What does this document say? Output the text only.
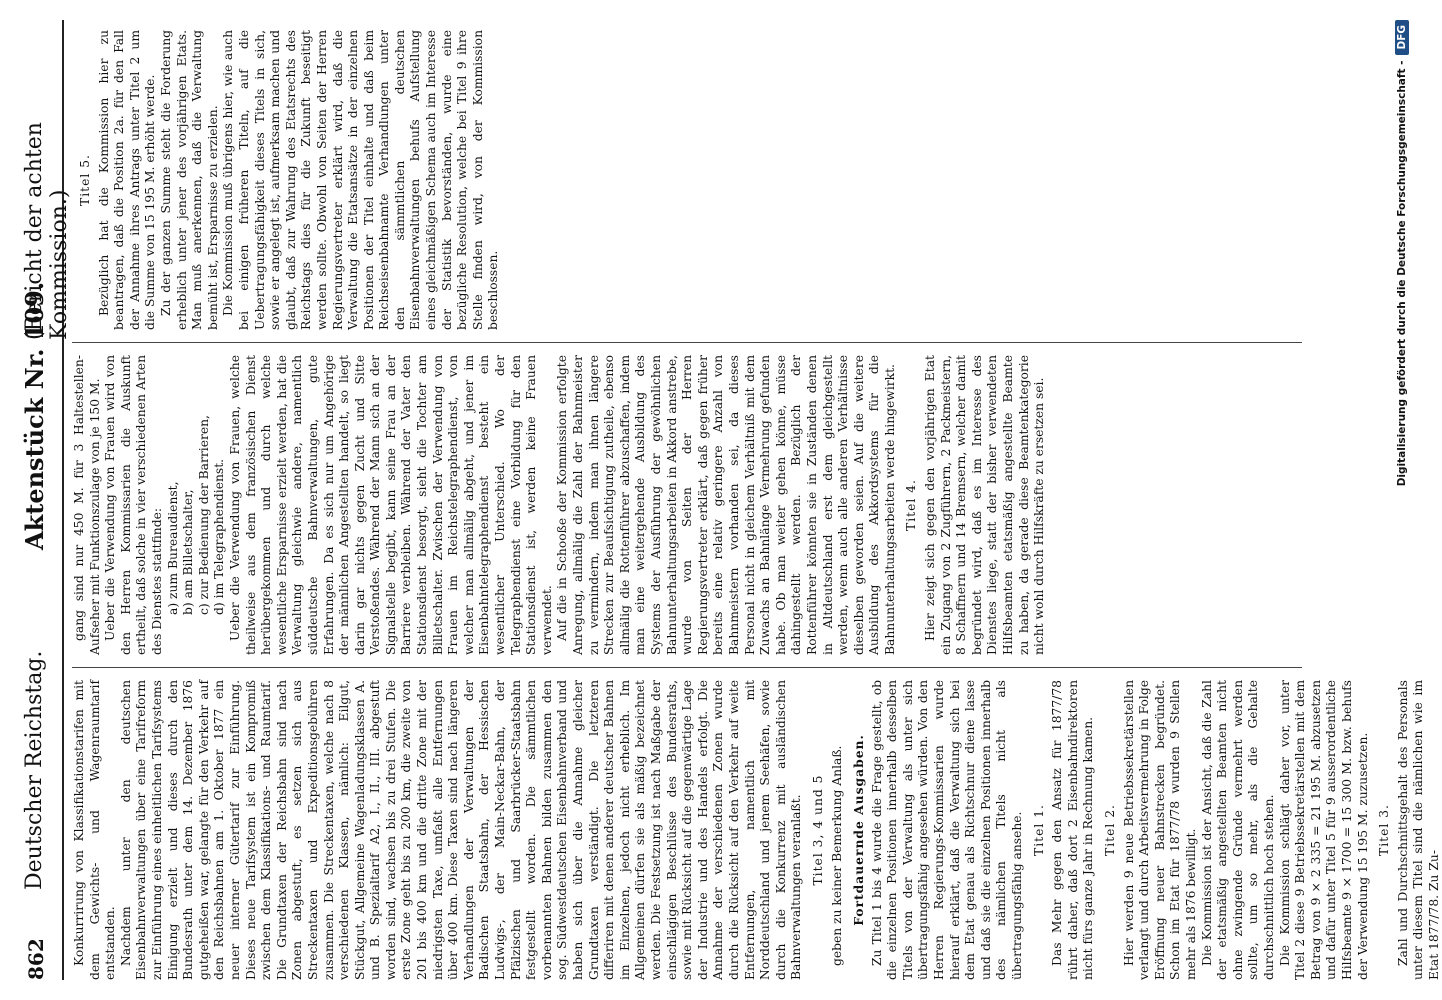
862
Deutscher Reichstag.
Aktenstück Nr. 109.
(Bericht der achten Kommission.)

Konkurrirung von Klassifikationstarifen mit dem Gewichts- und Wagenraumtarif entstanden. Nachdem unter den deutschen Eisenbahnverwaltungen über eine Tarifreform zur Einführung eines einheitlichen Tarifsystems Einigung erzielt und dieses durch den Bundesrath unter dem 14. Dezember 1876 gutgeheißen war, gelangte für den Verkehr auf den Reichsbahnen am 1. Oktober 1877 ein neuer interner Gütertarif zur Einführung. Dieses neue Tarifsystem ist ein Kompromiß zwischen dem Klassifikations- und Raumtarif. Die Grundtaxen der Reichsbahn sind nach Zonen abgestuft, es setzen sich aus Streckentaxen und Expeditionsgebühren zusammen. Die Streckentaxen, welche nach 8 verschiedenen Klassen, nämlich: Eilgut, Stückgut, Allgemeine Wagenladungsklassen A. und B. Spezialtarif A2, I., II., III. abgestuft worden sind, wachsen bis zu drei Stufen. Die erste Zone geht bis zu 200 km, die zweite von 201 bis 400 km und die dritte Zone mit der niedrigsten Taxe, umfaßt alle Entfernungen über 400 km. Diese Taxen sind nach längeren Verhandlungen der Verwaltungen der Badischen Staatsbahn, der Hessischen Ludwigs-, der Main-Neckar-Bahn, der Pfälzischen und Saarbrücker-Staatsbahn festgestellt worden. Die sämmtlichen vorbenannten Bahnen bilden zusammen den sog. Südwestdeutschen Eisenbahnverband und haben sich über die Annahme gleicher Grundtaxen verständigt. Die letzteren differiren mit denen anderer deutscher Bahnen im Einzelnen, jedoch nicht erheblich. Im Allgemeinen dürfen sie als mäßig bezeichnet werden. Die Festsetzung ist nach Maßgabe der einschlägigen Beschlüsse des Bundesraths, sowie mit Rücksicht auf die gegenwärtige Lage der Industrie und des Handels erfolgt. Die Annahme der verschiedenen Zonen wurde durch die Rücksicht auf den Verkehr auf weite Entfernungen, namentlich mit Norddeutschland und jenem Seehäfen, sowie durch die Konkurrenz mit ausländischen Bahnverwaltungen veranlaßt. Titel 3, 4 und 5 geben zu keiner Bemerkung Anlaß. Fortdauernde Ausgaben. Zu Titel 1 bis 4 wurde die Frage gestellt, ob die einzelnen Positionen innerhalb desselben Titels von der Verwaltung als unter sich übertragungsfähig angesehen würden. Von den Herren Regierungs-Kommissarien wurde hierauf erklärt, daß die Verwaltung sich bei dem Etat genau als Richtschnur diene lasse und daß sie die einzelnen Positionen innerhalb des nämlichen Titels nicht als übertragungsfähig ansehe. Titel 1. Das Mehr gegen den Ansatz für 1877/78 rührt daher, daß dort 2 Eisenbahndirektoren nicht fürs ganze Jahr in Rechnung kamen. Titel 2. Hier werden 9 neue Betriebssekretärstellen verlangt und durch Arbeitsvermehrung in Folge Eröffnung neuer Bahnstrecken begründet. Schon im Etat für 1877/78 wurden 9 Stellen mehr als 1876 bewilligt. Die Kommission ist der Ansicht, daß die Zahl der etatsmäßig angestellten Beamten nicht ohne zwingende Gründe vermehrt werden sollte, um so mehr, als die Gehalte durchschnittlich hoch stehen. Die Kommission schlägt daher vor, unter Titel 2 diese 9 Betriebssekretärstellen mit dem Betrag von 9 × 2 335 = 21 195 M. abzusetzen und dafür unter Titel 5 für 9 ausserordentliche Hilfsbeamte 9 × 1700 = 15 300 M. bzw. behufs der Verwendung 15 195 M. zuzusetzen. Titel 3. Zahl und Durchschnittsgehalt des Personals unter diesem Titel sind die nämlichen wie im Etat 1877/78. Zu Zu-

gang sind nur 450 M. für 3 Haltestellen-Aufseher mit Funktionszulage von je 150 M. Ueber die Verwendung von Frauen wird von den Herren Kommissarien die Auskunft ertheilt, daß solche in vier verschiedenen Arten des Dienstes stattfinde: a) zum Bureaudienst, b) am Billetschalter, c) zur Bedienung der Barrieren, d) im Telegraphendienst. Ueber die Verwendung von Frauen, welche theilweise aus dem französischen Dienst herübergekommen und durch welche wesentliche Ersparnisse erzielt werden, hat die Verwaltung gleichwie andere, namentlich süddeutsche Bahnverwaltungen, gute Erfahrungen. Da es sich nur um Angehörige der männlichen Angestellten handelt, so liegt darin gar nichts gegen Zucht und Sitte Verstoßendes. Während der Mann sich an der Signalstelle begibt, kann seine Frau an der Barriere verbleiben. Während der Vater den Stationsdienst besorgt, sieht die Tochter am Billetschalter. Zwischen der Verwendung von Frauen im Reichstelegraphendienst, von welcher man allmälig abgeht, und jener im Eisenbahntelegraphendienst besteht ein wesentlicher Unterschied. Wo der Telegraphendienst eine Vorbildung für den Stationsdienst ist, werden keine Frauen verwendet. Auf die in Schooße der Kommission erfolgte Anregung, allmälig die Zahl der Bahnmeister zu vermindern, indem man ihnen längere Strecken zur Beaufsichtigung zutheile, ebenso allmälig die Rottenführer abzuschaffen, indem man eine weitergehende Ausbildung des Systems der Ausführung der gewöhnlichen Bahnunterhaltungsarbeiten in Akkord anstrebe, wurde von Seiten der Herren Regierungsvertreter erklärt, daß gegen früher bereits eine relativ geringere Anzahl von Bahnmeistern vorhanden sei, da dieses Personal nicht in gleichem Verhältniß mit dem Zuwachs an Bahnlänge Vermehrung gefunden habe. Ob man weiter gehen könne, müsse dahingestellt werden. Bezüglich der Rottenführer könnten sie in Zuständen denen in Altdeutschland erst dem gleichgestellt werden, wenn auch alle anderen Verhältnisse dieselben geworden seien. Auf die weitere Ausbildung des Akkordsystems für die Bahnunterhaltungsarbeiten werde hingewirkt. Titel 4. Hier zeigt sich gegen den vorjährigen Etat ein Zugang von 2 Zugführern, 2 Packmeistern, 8 Schaffnern und 14 Bremsern, welcher damit begründet wird, daß es im Interesse des Dienstes liege, statt der bisher verwendeten Hilfsbeamten etatsmäßig angestellte Beamte zu haben, da gerade diese Beamtenkategorie nicht wohl durch Hilfskräfte zu ersetzen sei.

Titel 5. Bezüglich hat die Kommission hier zu beantragen, daß die Position 2a. für den Fall der Annahme ihres Antrags unter Titel 2 um die Summe von 15 195 M. erhöht werde. Zu der ganzen Summe steht die Forderung erheblich unter jener des vorjährigen Etats. Man muß anerkennen, daß die Verwaltung bemüht ist, Ersparnisse zu erzielen. Die Kommission muß übrigens hier, wie auch bei einigen früheren Titeln, auf die Uebertragungsfähigkeit dieses Titels in sich, sowie er angelegt ist, aufmerksam machen und glaubt, daß zur Wahrung des Etatsrechts des Reichstags dies für die Zukunft beseitigt werden sollte. Obwohl von Seiten der Herren Regierungsvertreter erklärt wird, daß die Verwaltung die Etatsansätze in der einzelnen Positionen der Titel einhalte und daß beim Reichseisenbahnamte Verhandlungen unter den sämmtlichen deutschen Eisenbahnverwaltungen behufs Aufstellung eines gleichmäßigen Schema auch im Interesse der Statistik bevorständen, wurde eine bezügliche Resolution, welche bei Titel 9 ihre Stelle finden wird, von der Kommission beschlossen.	Digitalisierung gefördert durch die Deutsche Forschungsgemeinschaft -DFG
